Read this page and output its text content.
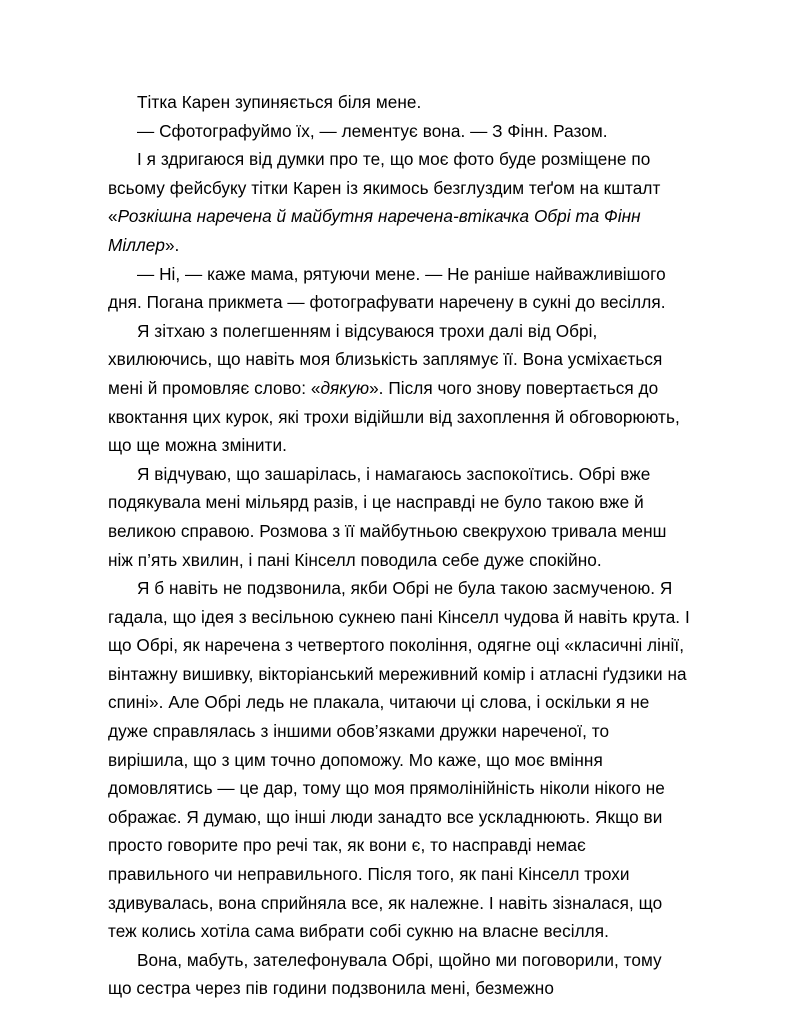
Тітка Карен зупиняється біля мене.

— Сфотографуймо їх, — лементує вона. — З Фінн. Разом.

І я здригаюся від думки про те, що моє фото буде розміщене по всьому фейсбуку тітки Карен із якимось безглуздим теґом на кшталт «Розкішна наречена й майбутня наречена-втікачка Обрі та Фінн Міллер».

— Ні, — каже мама, рятуючи мене. — Не раніше найважливішого дня. Погана прикмета — фотографувати наречену в сукні до весілля.

Я зітхаю з полегшенням і відсуваюся трохи далі від Обрі, хвилюючись, що навіть моя близькість заплямує її. Вона усміхається мені й промовляє слово: «дякую». Після чого знову повертається до квоктання цих курок, які трохи відійшли від захоплення й обговорюють, що ще можна змінити.

Я відчуваю, що зашарілась, і намагаюсь заспокоїтись. Обрі вже подякувала мені мільярд разів, і це насправді не було такою вже й великою справою. Розмова з її майбутньою свекрухою тривала менш ніж п’ять хвилин, і пані Кінселл поводила себе дуже спокійно.

Я б навіть не подзвонила, якби Обрі не була такою засмученою. Я гадала, що ідея з весільною сукнею пані Кінселл чудова й навіть крута. І що Обрі, як наречена з четвертого покоління, одягне оці «класичні лінії, вінтажну вишивку, вікторіанський мереживний комір і атласні ґудзики на спині». Але Обрі ледь не плакала, читаючи ці слова, і оскільки я не дуже справлялась з іншими обов’язками дружки нареченої, то вирішила, що з цим точно допоможу. Мо каже, що моє вміння домовлятись — це дар, тому що моя прямолінійність ніколи нікого не ображає. Я думаю, що інші люди занадто все ускладнюють. Якщо ви просто говорите про речі так, як вони є, то насправді немає правильного чи неправильного. Після того, як пані Кінселл трохи здивувалась, вона сприйняла все, як належне. І навіть зізналася, що теж колись хотіла сама вибрати собі сукню на власне весілля.

Вона, мабуть, зателефонувала Обрі, щойно ми поговорили, тому що сестра через пів години подзвонила мені, безмежно
